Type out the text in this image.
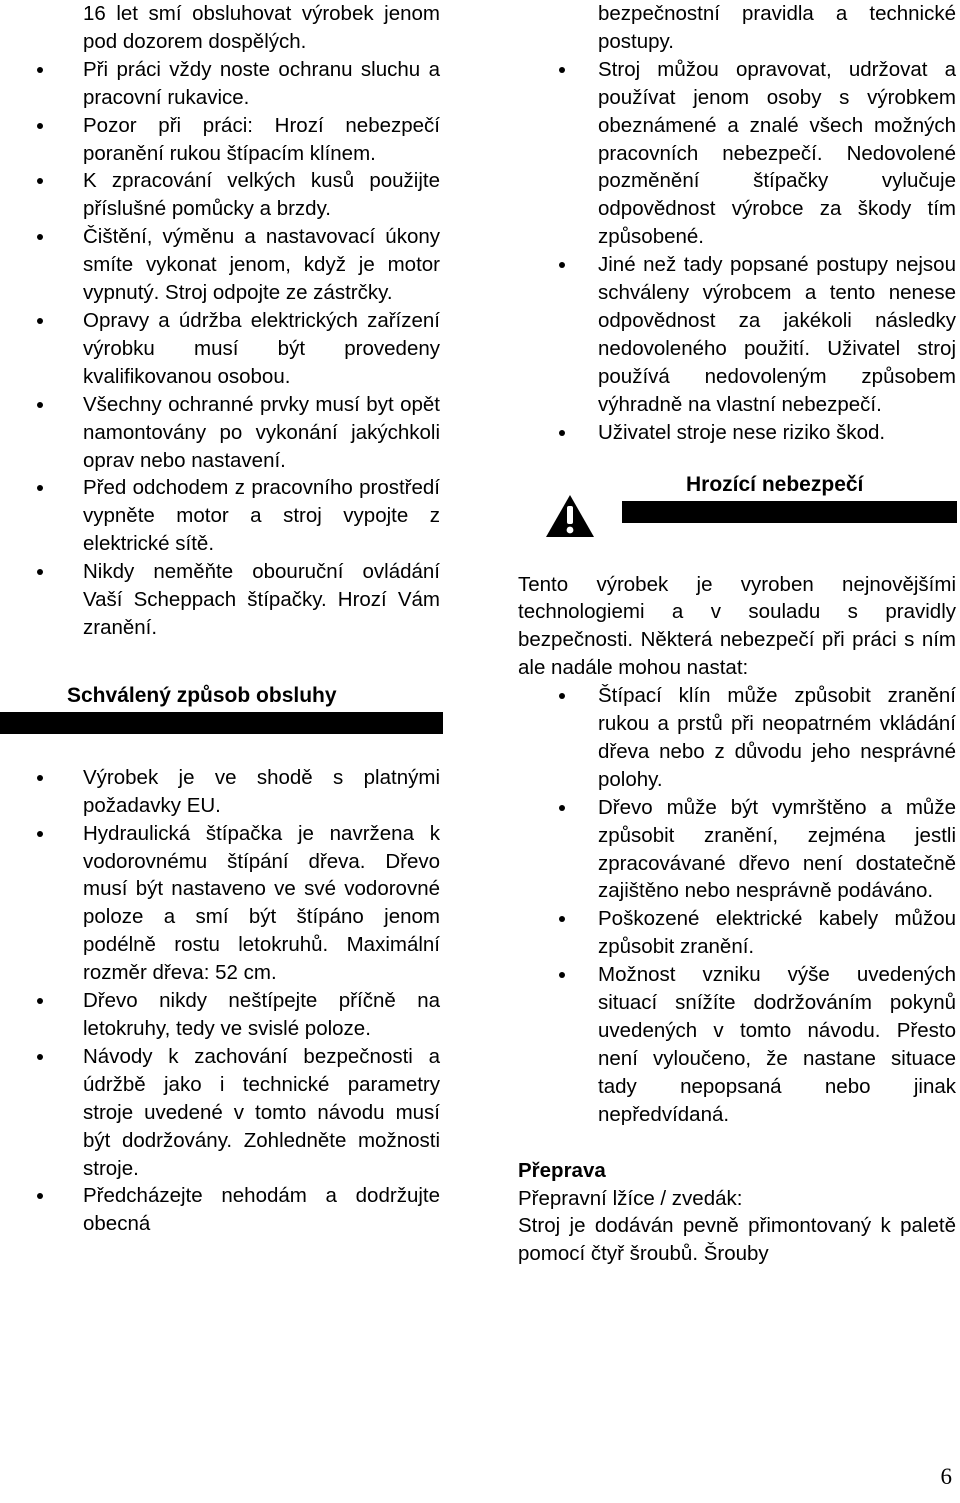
16 let smí obsluhovat výrobek jenom pod dozorem dospělých.

Při práci vždy noste ochranu sluchu a pracovní rukavice.
Pozor při práci: Hrozí nebezpečí poranění rukou štípacím klínem.
K zpracování velkých kusů použijte příslušné pomůcky a brzdy.
Čištění, výměnu a nastavovací úkony smíte vykonat jenom, když je motor vypnutý. Stroj odpojte ze zástrčky.
Opravy a údržba elektrických zařízení výrobku musí být provedeny kvalifikovanou osobou.
Všechny ochranné prvky musí byt opět namontovány po vykonání jakýchkoli oprav nebo nastavení.
Před odchodem z pracovního prostředí vypněte motor a stroj vypojte z elektrické sítě.
Nikdy neměňte obouruční ovládání Vaší Scheppach štípačky. Hrozí Vám zranění.

Schválený způsob obsluhy

Výrobek je ve shodě s platnými požadavky EU.
Hydraulická štípačka je navržena k vodorovnému štípání dřeva. Dřevo musí být nastaveno ve své vodorovné poloze a smí být štípáno jenom podélně rostu letokruhů. Maximální rozměr dřeva: 52 cm.
Dřevo nikdy neštípejte příčně na letokruhy, tedy ve svislé poloze.
Návody k zachování bezpečnosti a údržbě jako i technické parametry stroje uvedené v tomto návodu musí být dodržovány. Zohledněte možnosti stroje.
Předcházejte nehodám a dodržujte obecná

bezpečnostní pravidla a technické postupy.

Stroj můžou opravovat, udržovat a používat jenom osoby s výrobkem obeznámené a znalé všech možných pracovních nebezpečí. Nedovolené pozměnění štípačky vylučuje odpovědnost výrobce za škody tím způsobené.
Jiné než tady popsané postupy nejsou schváleny výrobcem a tento nenese odpovědnost za jakékoli následky nedovoleného použití. Uživatel stroj používá nedovoleným způsobem výhradně na vlastní nebezpečí.
Uživatel stroje nese riziko škod.

Hrozící nebezpečí

Tento výrobek je vyroben nejnovějšími technologiemi a v souladu s pravidly bezpečnosti. Některá nebezpečí při práci s ním ale nadále mohou nastat:

Štípací klín může způsobit zranění rukou a prstů při neopatrném vkládání dřeva nebo z důvodu jeho nesprávné polohy.
Dřevo může být vymrštěno a může způsobit zranění, zejména jestli zpracovávané dřevo není dostatečně zajištěno nebo nesprávně podáváno.
Poškozené elektrické kabely můžou způsobit zranění.
Možnost vzniku výše uvedených situací snížíte dodržováním pokynů uvedených v tomto návodu. Přesto není vyloučeno, že nastane situace tady nepopsaná nebo jinak nepředvídaná.

Přeprava

Přepravní lžíce / zvedák:

Stroj je dodáván pevně přimontovaný k paletě pomocí čtyř šroubů. Šrouby

6
